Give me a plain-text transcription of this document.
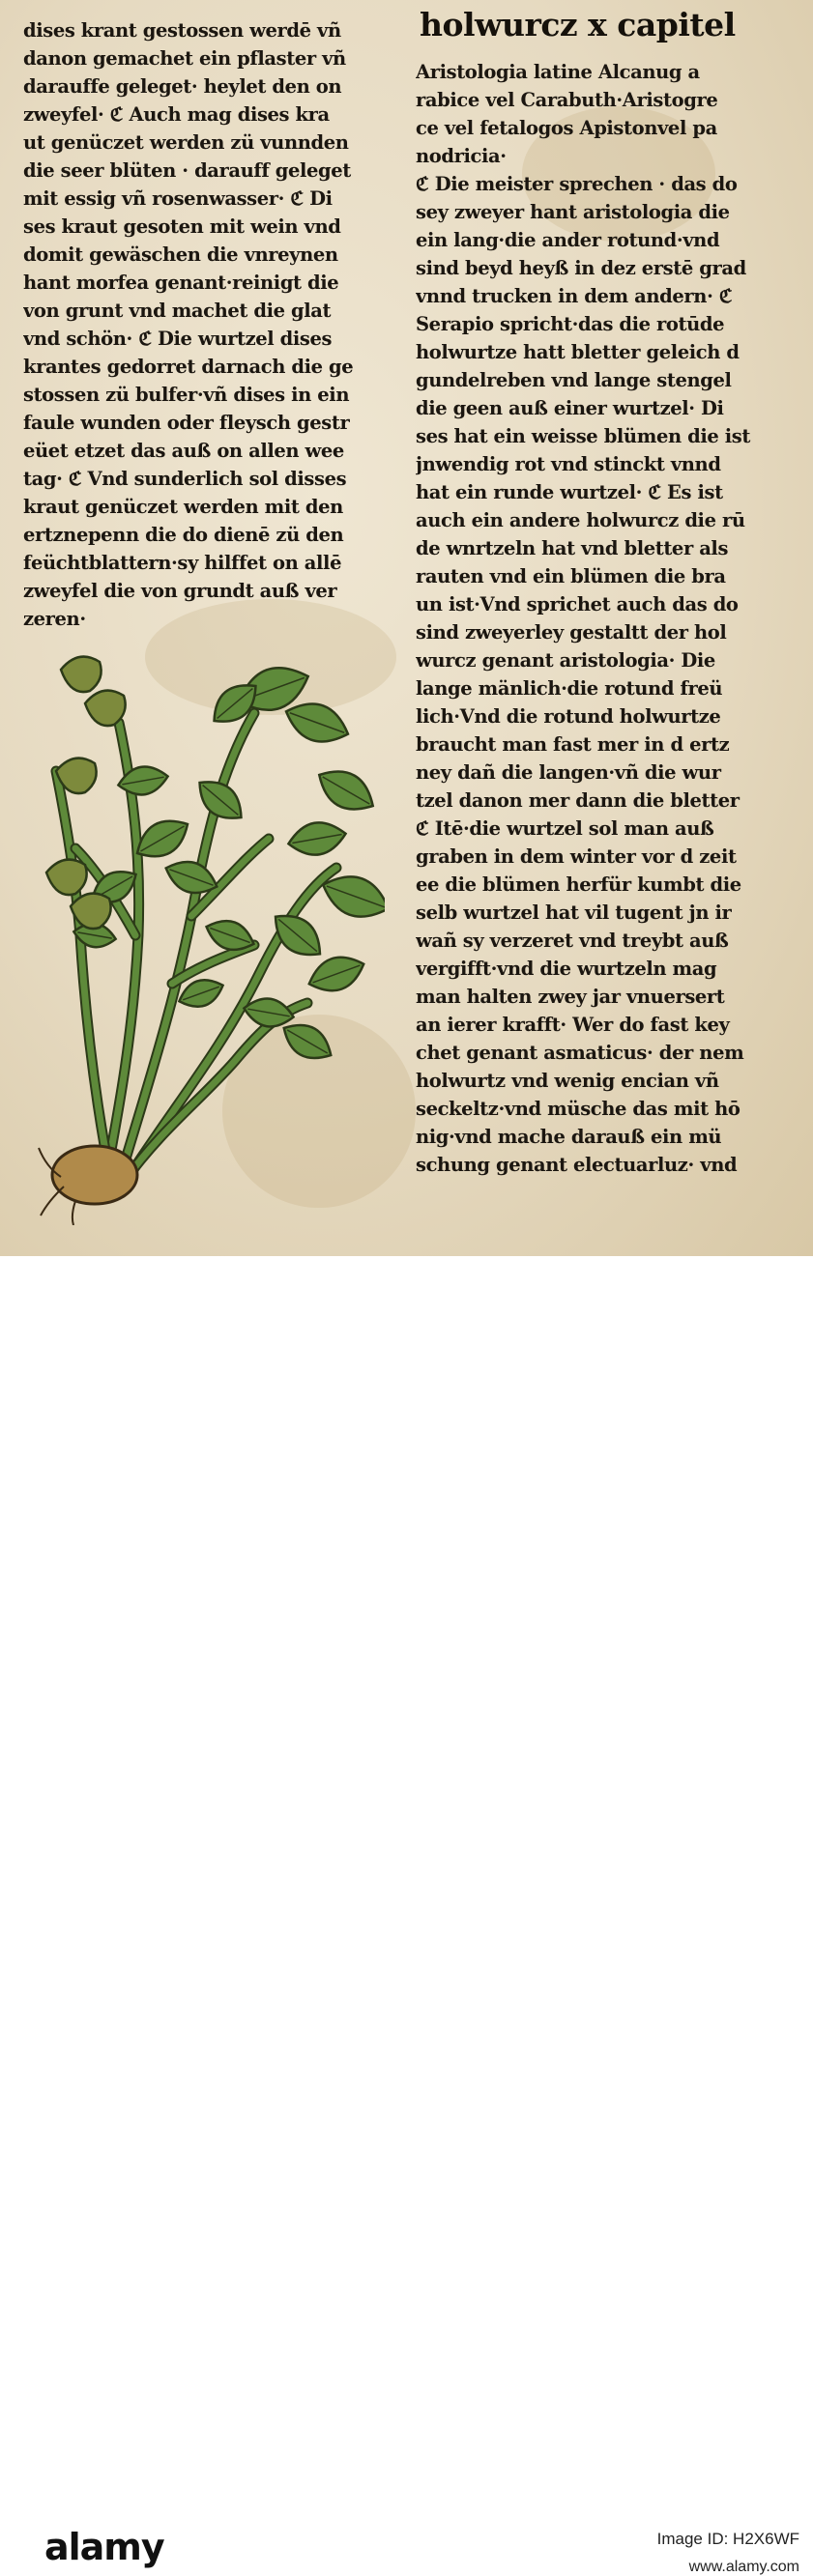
holwurcz x capitel
dises krant gestossen werdē vñ
danon gemachet ein pflaster vñ
darauffe geleget· heylet den on
zweyfel· ℭ Auch mag dises kra
ut genüczet werden zü vunnden
die seer blüten · darauff geleget
mit essig vñ rosenwasser· ℭ Di
ses kraut gesoten mit wein vnd
domit gewäschen die vnreynen
hant morfea genant·reinigt die
von grunt vnd machet die glat
vnd schön· ℭ Die wurtzel dises
krantes gedorret darnach die ge
stossen zü bulfer·vñ dises in ein
faule wunden oder fleysch gestr
eüet etzet das auß on allen wee
tag· ℭ Vnd sunderlich sol disses
kraut genüczet werden mit den
ertznepenn die do dienē zü den
feüchtblattern·sy hilffet on allē
zweyfel die von grundt auß ver
zeren·
Aristologia latine Alcanug a
rabice vel Carabuth·Aristogre
ce vel fetalogos Apistonvel pa
nodricia·
ℭ Die meister sprechen · das do
sey zweyer hant aristologia die
ein lang·die ander rotund·vnd
sind beyd heyß in dez erstē grad
vnnd trucken in dem andern· ℭ
Serapio spricht·das die rotūde
holwurtze hatt bletter geleich d
gundelreben vnd lange stengel
die geen auß einer wurtzel· Di
ses hat ein weisse blümen die ist
jnwendig rot vnd stinckt vnnd
hat ein runde wurtzel· ℭ Es ist
auch ein andere holwurcz die rū
de wnrtzeln hat vnd bletter als
rauten vnd ein blümen die bra
un ist·Vnd sprichet auch das do
sind zweyerley gestaltt der hol
wurcz genant aristologia· Die
lange mänlich·die rotund freü
lich·Vnd die rotund holwurtze
braucht man fast mer in d ertz
ney dañ die langen·vñ die wur
tzel danon mer dann die bletter
ℭ Itē·die wurtzel sol man auß
graben in dem winter vor d zeit
ee die blümen herfür kumbt die
selb wurtzel hat vil tugent jn ir
wañ sy verzeret vnd treybt auß
vergifft·vnd die wurtzeln mag
man halten zwey jar vnuersert
an ierer krafft· Wer do fast key
chet genant asmaticus· der nem
holwurtz vnd wenig encian vñ
seckeltz·vnd müsche das mit hō
nig·vnd mache darauß ein mü
schung genant electuarluz· vnd
alamy	Image ID: H2X6WF
www.alamy.com
